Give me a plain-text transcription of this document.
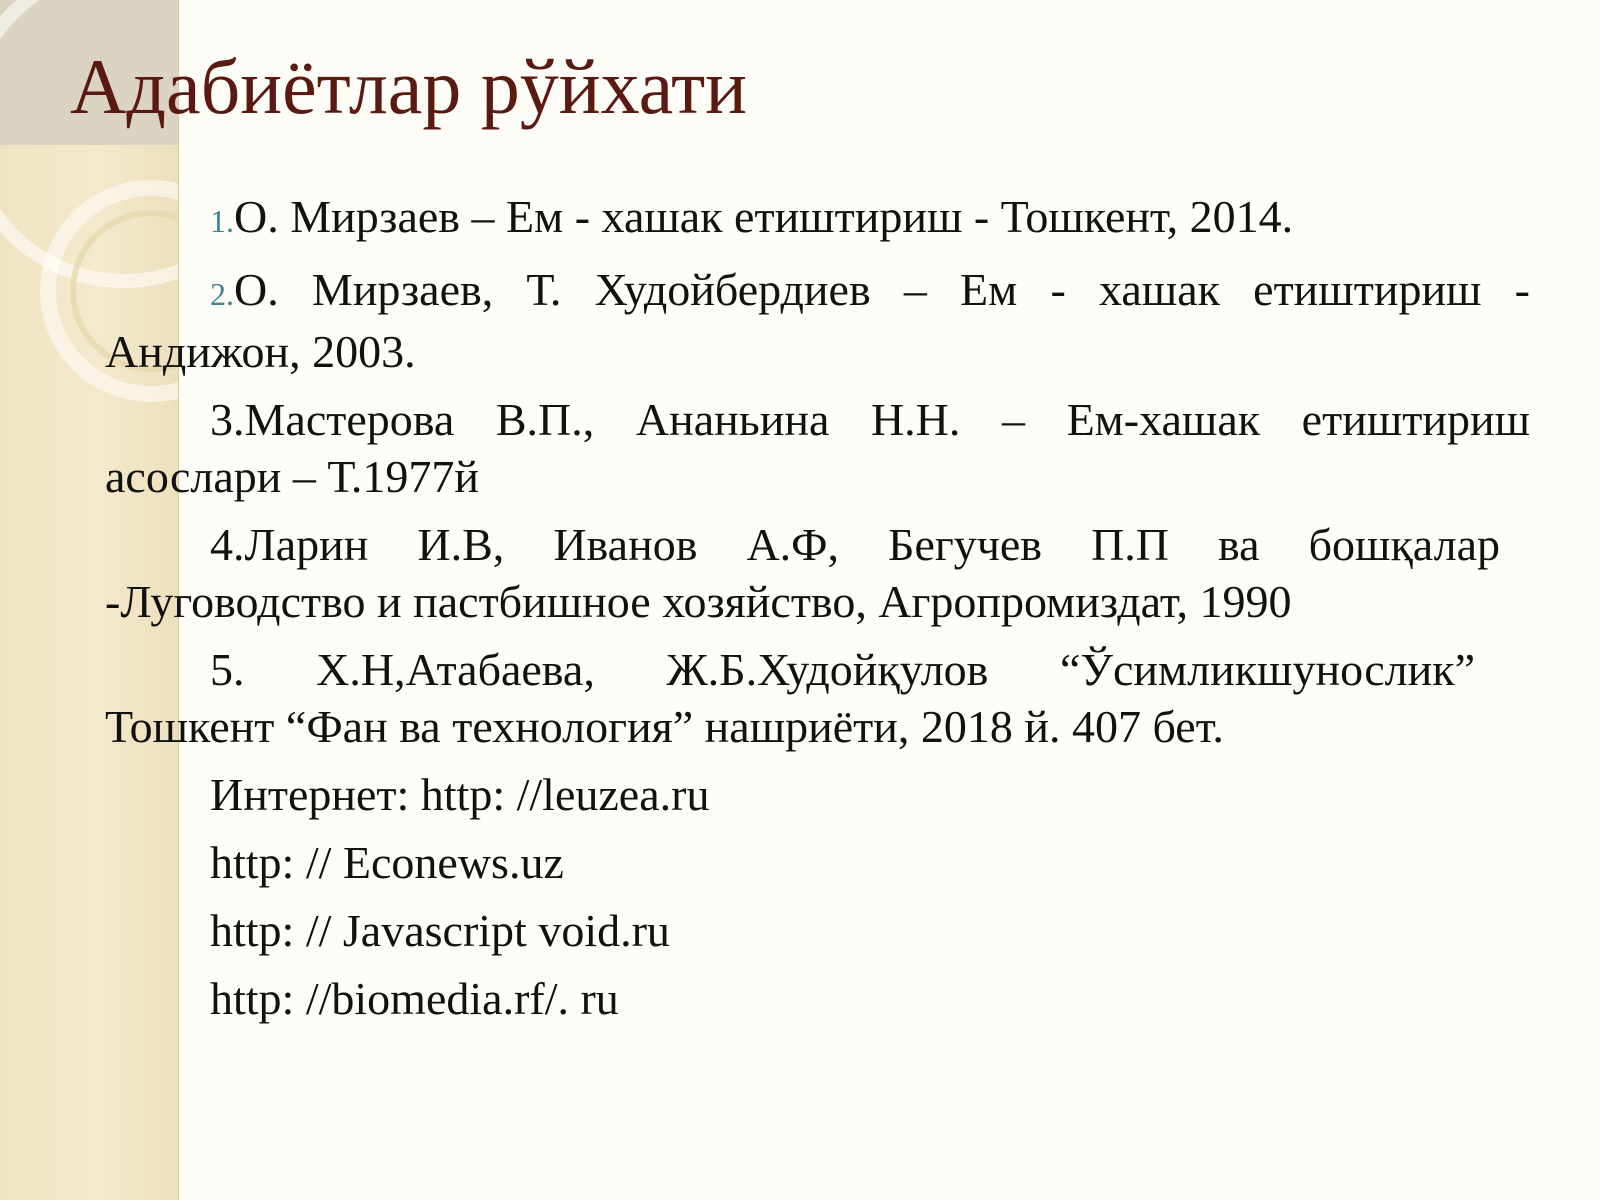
Адабиётлар рўйхати

1.О. Мирзаев – Ем - хашак етиштириш - Тошкент, 2014.

2.О. Мирзаев, Т. Худойбердиев – Ем - хашак етиштириш - Андижон, 2003.

3.Мастерова В.П., Ананьина Н.Н. – Ем-хашак етиштириш асослари – Т.1977й

4.Ларин И.В, Иванов А.Ф, Бегучев П.П ва бошқалар -Луговодство и пастбишное хозяйство, Агропромиздат, 1990

5. Х.Н,Атабаева, Ж.Б.Худойқулов “Ўсимликшунослик” Тошкент “Фан ва технология” нашриёти, 2018 й. 407 бет.

Интернет: http: //leuzea.ru

http: // Econews.uz

http: // Javascript void.ru

http: //biomedia.rf/. ru
